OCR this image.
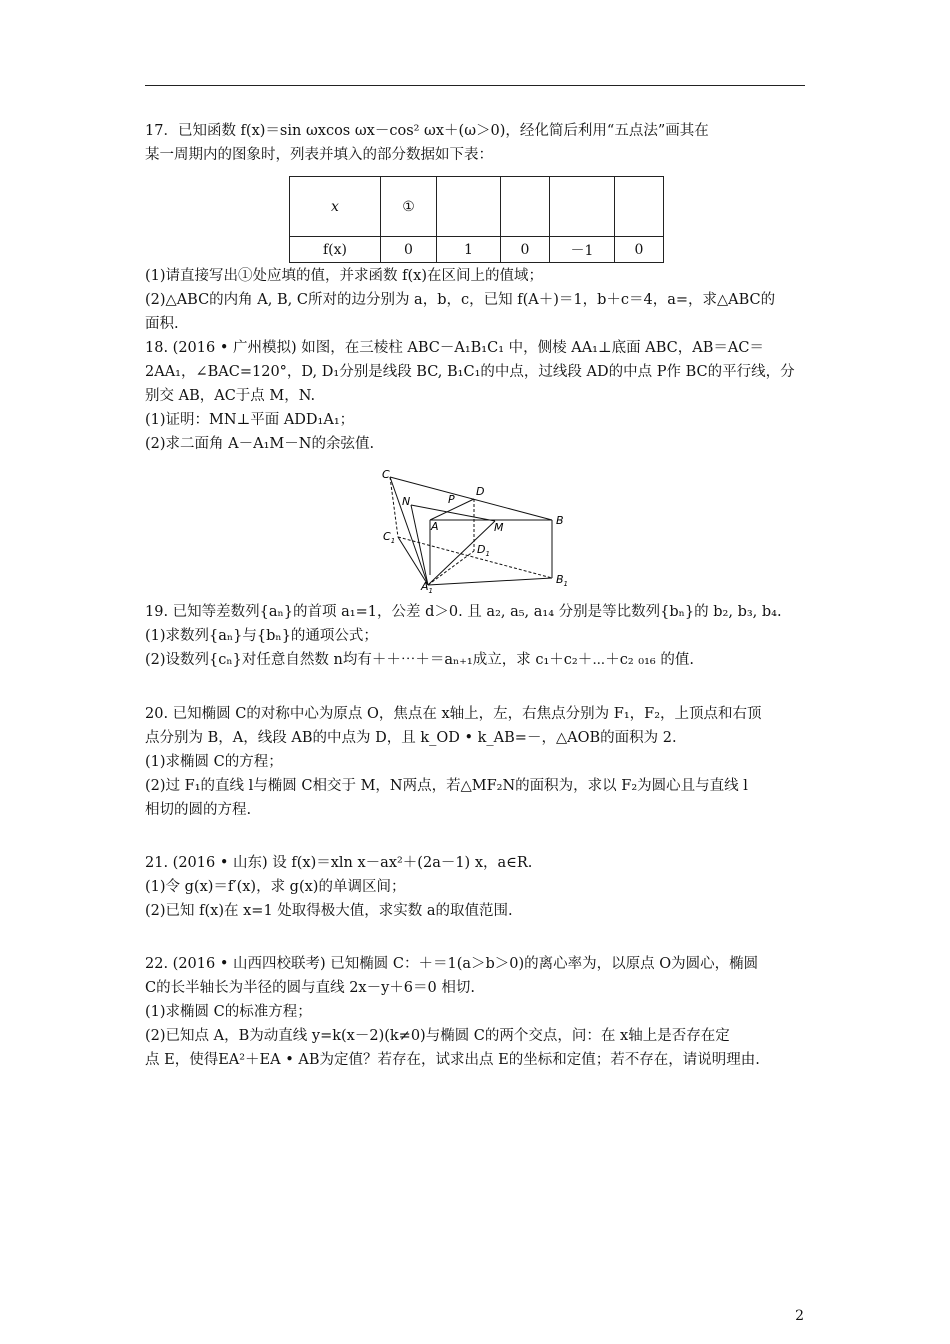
17．已知函数 f(x)＝sin ωxcos ωx－cos² ωx＋(ω＞0)，经化简后利用“五点法”画其在
某一周期内的图象时，列表并填入的部分数据如下表：
x	①				
f(x)	0	1	0	－1	0
(1)请直接写出①处应填的值，并求函数 f(x)在区间上的值域；
(2)△ABC的内角 A, B, C所对的边分别为 a，b，c，已知 f(A＋)＝1，b＋c＝4，a=，求△ABC的
面积.
18. (2016 • 广州模拟) 如图，在三棱柱 ABC－A₁B₁C₁ 中，侧棱 AA₁⊥底面 ABC，AB＝AC＝
2AA₁，∠BAC=120°，D, D₁分别是线段 BC, B₁C₁的中点，过线段 AD的中点 P作 BC的平行线，分
别交 AB，AC于点 M，N.
(1)证明：MN⊥平面 ADD₁A₁；
(2)求二面角 A－A₁M－N的余弦值.
C
D
N	P
A	M
B
$C_1$
$D_1$
$A_1$
$B_1$
19. 已知等差数列{aₙ}的首项 a₁=1，公差 d＞0. 且 a₂, a₅, a₁₄ 分别是等比数列{bₙ}的 b₂, b₃, b₄.
(1)求数列{aₙ}与{bₙ}的通项公式；
(2)设数列{cₙ}对任意自然数 n均有＋＋⋯＋＝aₙ₊₁成立，求 c₁＋c₂＋⋯＋c₂ ₀₁₆ 的值.
20. 已知椭圆 C的对称中心为原点 O，焦点在 x轴上，左，右焦点分别为 F₁，F₂，上顶点和右顶
点分别为 B，A，线段 AB的中点为 D，且 k_OD • k_AB=－，△AOB的面积为 2.
(1)求椭圆 C的方程；
(2)过 F₁的直线 l与椭圆 C相交于 M，N两点，若△MF₂N的面积为，求以 F₂为圆心且与直线 l
相切的圆的方程.
21. (2016 • 山东) 设 f(x)＝xln x－ax²＋(2a－1) x，a∈R.
(1)令 g(x)＝f′(x)，求 g(x)的单调区间；
(2)已知 f(x)在 x=1 处取得极大值，求实数 a的取值范围.
22. (2016 • 山西四校联考) 已知椭圆 C：＋＝1(a＞b＞0)的离心率为，以原点 O为圆心，椭圆
C的长半轴长为半径的圆与直线 2x－y＋6＝0 相切.
(1)求椭圆 C的标准方程；
(2)已知点 A，B为动直线 y=k(x－2)(k≠0)与椭圆 C的两个交点，问：在 x轴上是否存在定
点 E，使得EA²＋EA • AB为定值？若存在，试求出点 E的坐标和定值；若不存在，请说明理由.
2
